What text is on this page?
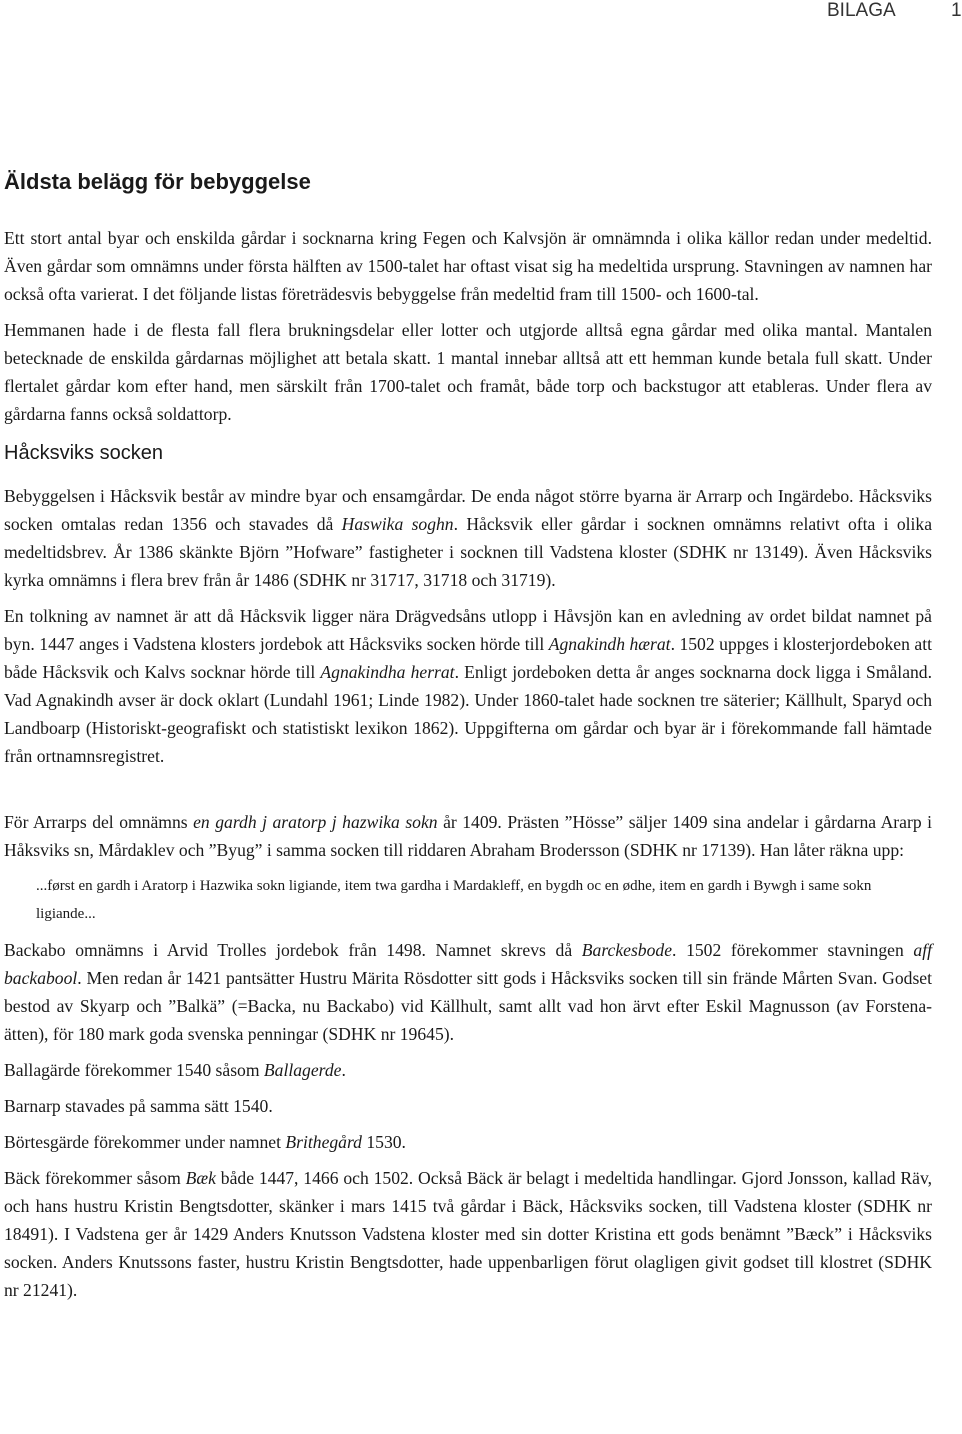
BILAGA	1
Äldsta belägg för bebyggelse

Ett stort antal byar och enskilda gårdar i socknarna kring Fegen och Kalvsjön är omnämnda i olika källor redan under medeltid. Även gårdar som omnämns under första hälften av 1500-talet har oftast visat sig ha medeltida ursprung. Stavningen av namnen har också ofta varierat. I det följande listas företrädesvis bebyggelse från medeltid fram till 1500- och 1600-tal.

Hemmanen hade i de flesta fall flera brukningsdelar eller lotter och utgjorde alltså egna gårdar med olika mantal. Mantalen betecknade de enskilda gårdarnas möjlighet att betala skatt. 1 mantal innebar alltså att ett hemman kunde betala full skatt. Under flertalet gårdar kom efter hand, men särskilt från 1700-talet och framåt, både torp och backstugor att etableras. Under flera av gårdarna fanns också soldattorp.

Håcksviks socken

Bebyggelsen i Håcksvik består av mindre byar och ensamgårdar. De enda något större byarna är Arrarp och Ingärdebo. Håcksviks socken omtalas redan 1356 och stavades då Haswika soghn. Håcksvik eller gårdar i socknen omnämns relativt ofta i olika medeltidsbrev. År 1386 skänkte Björn ”Hofware” fastigheter i socknen till Vadstena kloster (SDHK nr 13149). Även Håcksviks kyrka omnämns i flera brev från år 1486 (SDHK nr 31717, 31718 och 31719).

En tolkning av namnet är att då Håcksvik ligger nära Drägvedsåns utlopp i Håvsjön kan en avledning av ordet bildat namnet på byn. 1447 anges i Vadstena klosters jordebok att Håcksviks socken hörde till Agnakindh hærat. 1502 uppges i klosterjordeboken att både Håcksvik och Kalvs socknar hörde till Agnakindha herrat. Enligt jordeboken detta år anges socknarna dock ligga i Småland. Vad Agnakindh avser är dock oklart (Lundahl 1961; Linde 1982). Under 1860-talet hade socknen tre säterier; Källhult, Sparyd och Landboarp (Historiskt-geografiskt och statistiskt lexikon 1862). Uppgifterna om gårdar och byar är i förekommande fall hämtade från ortnamnsregistret.

För Arrarps del omnämns en gardh j aratorp j hazwika sokn år 1409. Prästen ”Hösse” säljer 1409 sina andelar i gårdarna Ararp i Håksviks sn, Mårdaklev och ”Byug” i samma socken till riddaren Abraham Brodersson (SDHK nr 17139). Han låter räkna upp:

...først en gardh i Aratorp i Hazwika sokn ligiande, item twa gardha i Mardakleff, en bygdh oc en ødhe, item en gardh i Bywgh i same sokn ligiande...

Backabo omnämns i Arvid Trolles jordebok från 1498. Namnet skrevs då Barckesbode. 1502 förekommer stavningen aff backabool. Men redan år 1421 pantsätter Hustru Märita Rösdotter sitt gods i Håcksviks socken till sin frände Mårten Svan. Godset bestod av Skyarp och ”Balkä” (=Backa, nu Backabo) vid Källhult, samt allt vad hon ärvt efter Eskil Magnusson (av Forstena-ätten), för 180 mark goda svenska penningar (SDHK nr 19645).

Ballagärde förekommer 1540 såsom Ballagerde.

Barnarp stavades på samma sätt 1540.

Börtesgärde förekommer under namnet Brithegård 1530.

Bäck förekommer såsom Bæk både 1447, 1466 och 1502. Också Bäck är belagt i medeltida handlingar. Gjord Jonsson, kallad Räv, och hans hustru Kristin Bengtsdotter, skänker i mars 1415 två gårdar i Bäck, Håcksviks socken, till Vadstena kloster (SDHK nr 18491). I Vadstena ger år 1429 Anders Knutsson Vadstena kloster med sin dotter Kristina ett gods benämnt ”Bæck” i Håcksviks socken. Anders Knutssons faster, hustru Kristin Bengtsdotter, hade uppenbarligen förut olagligen givit godset till klostret (SDHK nr 21241).
